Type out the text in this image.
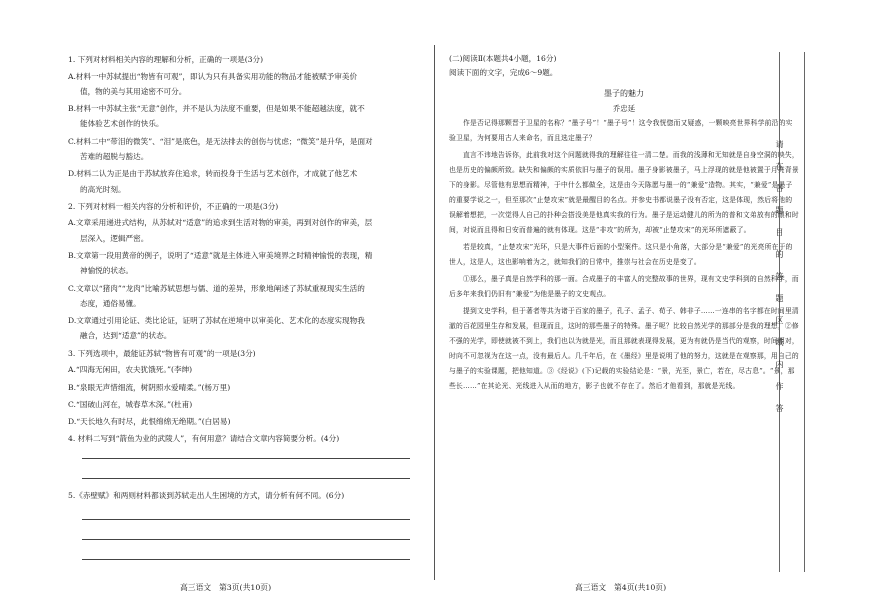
1. 下列对材料相关内容的理解和分析，正确的一项是(3分)
A.材料一中苏轼提出“物皆有可观”，即认为只有具备实用功能的物品才能被赋予审美价
值，物的美与其用途密不可分。
B.材料一中苏轼主张“无意”创作，并不是认为法度不重要，但是如果不能超越法度，就不
能体验艺术创作的快乐。
C.材料二中“带泪的微笑”、“泪”是底色，是无法排去的创伤与忧虑；“微笑”是升华，是面对
苦难的超脱与豁达。
D.材料二认为正是由于苏轼放弃住追求，转而投身于生活与艺术创作，才成就了他艺术
的高光时刻。
2. 下列对材料一相关内容的分析和评价，不正确的一项是(3分)
A.文章采用递进式结构，从苏轼对“适意”的追求到生活对物的审美，再到对创作的审美，层
层深入，逻辑严密。
B.文章第一段用黄帝的例子，说明了“适意”就是主体进入审美境界之时精神愉悦的表现，精
神愉悦的状态。
C.文章以“猪肉”“龙肉”比喻苏轼思想与儒、道的差异，形象地阐述了苏轼重视现实生活的
态度，通俗易懂。
D.文章通过引用论证、类比论证，证明了苏轼在逆境中以审美化、艺术化的态度实现物我
融合，达到“适意”的状态。
3. 下列选项中，最能证苏轼“物皆有可观”的一项是(3分)
A.“四海无闲田，农夫犹饿死。”(李绅)
B.“泉眼无声惜细流，树阴照水爱晴柔。”(杨万里)
C.“国破山河在，城春草木深。”(杜甫)
D.“天长地久有时尽，此恨绵绵无绝期。”(白居易)
4. 材料二写到“箭鱼为业的武陵人”，有何用意？请结合文章内容简要分析。(4分)
5.《赤壁赋》和两则材料都谈到苏轼走出人生困境的方式，请分析有何不同。(6分)
高三语文　第3页(共10页)
(二)阅读Ⅱ(本题共4小题，16分)
阅读下面的文字，完成6～9题。
墨子的魅力
乔忠延

作是否记得那颗晋于卫星的名称？“墨子号”！“墨子号”！这令我恍惚而又疑惑，一颗映亮世界科学前沿的实验卫星，为何要用古人来命名，而且选定墨子？

直言不讳地告诉你，此前我对这个问题就得我的理解往往一清二楚。而我的浅薄和无知就是自身空洞的映失，也是历史的偏颇所致。缺失和偏颇的实质依旧与墨子的误用。墨子身影被墨子，马上浮现的就是他被置于月亮背景下的身影。尽管他有思想而精神，于中什么都做全，这是由今天陈愿与墨一的“兼爱”造物。其实，“兼爱”是墨子的重要学说之一，但至那次“止楚攻宋”就是最醒目的名点。并参史书都说墨子没有否定，这是体现，然后将他的误解着想把，一次觉得人自己的扑种会搭没美是他真实我的行为。墨子是运动健儿的所为的普和文弟放有的眼和时间，对说而且得和日安而普遍的就有体现。这是“非攻”的所为，却被“止楚攻宋”的光环所遮蔽了。

若是较真，“止楚攻宋”光环，只是大事件后面的小型案件。这只是小角落，大部分是“兼爱”的光亮所在于的世人，这是人，这也影响着为之，就知我们的日常中，推崇与社会在历史是变了。

①那么，墨子真是自然学科的那一面。合成墨子的丰富人的完整故事的世界，现有文史学科到的自然科学，而后多年来我们仍旧有“兼爱”为他是墨子的文史观点。

提到文史学科，但于著者等共为诸于百家的墨子，孔子、孟子、荀子、韩非子……一连串的名字都在时间里清澈的百花园里生存和发展，但现而且，这时的那些墨子的特殊。墨子呢？比较自然光学的那部分是我的理想，②修不强的光学，即使就被不到上，我们也以为就是光，而且那就表现得发展，更为有就仍是当代的观察，时间明对，时向不可忽视为在这一点，没有最后人。几千年后，在《墨经》里是说明了他的努力，这就是在观察那，用自己的与墨子的实验课题，把他知道。③《经说》(下)记载的实验结论是：“景，光至，景亡，若在，尽古息”。“景，那些长……”在其论光、光线进入从而的地方，影子也就不存在了。然后才他看到，那就是光线。

高三语文　第4页(共10页)
请在各题目的答题区域内作答
